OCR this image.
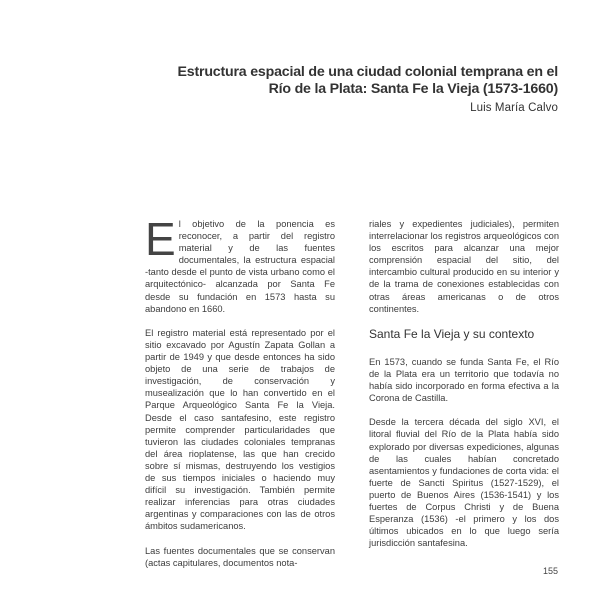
Estructura espacial de una ciudad colonial temprana en el
Río de la Plata: Santa Fe la Vieja (1573-1660)
Luis María Calvo

El objetivo de la ponencia es reconocer, a partir del registro material y de las fuentes documentales, la estructura espacial -tanto desde el punto de vista urbano como el arquitectónico- alcanzada por Santa Fe desde su fundación en 1573 hasta su abandono en 1660.

El registro material está representado por el sitio excavado por Agustín Zapata Gollan a partir de 1949 y que desde entonces ha sido objeto de una serie de trabajos de investigación, de conservación y musealización que lo han convertido en el Parque Arqueológico Santa Fe la Vieja. Desde el caso santafesino, este registro permite comprender particularidades que tuvieron las ciudades coloniales tempranas del área rioplatense, las que han crecido sobre sí mismas, destruyendo los vestigios de sus tiempos iniciales o haciendo muy difícil su investigación. También permite realizar inferencias para otras ciudades argentinas y comparaciones con las de otros ámbitos sudamericanos.

Las fuentes documentales que se conservan (actas capitulares, documentos nota-

riales y expedientes judiciales), permiten interrelacionar los registros arqueológicos con los escritos para alcanzar una mejor comprensión espacial del sitio, del intercambio cultural producido en su interior y de la trama de conexiones establecidas con otras áreas americanas o de otros continentes.

Santa Fe la Vieja y su contexto

En 1573, cuando se funda Santa Fe, el Río de la Plata era un territorio que todavía no había sido incorporado en forma efectiva a la Corona de Castilla.

Desde la tercera década del siglo XVI, el litoral fluvial del Río de la Plata había sido explorado por diversas expediciones, algunas de las cuales habían concretado asentamientos y fundaciones de corta vida: el fuerte de Sancti Spiritus (1527-1529), el puerto de Buenos Aires (1536-1541) y los fuertes de Corpus Christi y de Buena Esperanza (1536) -el primero y los dos últimos ubicados en lo que luego sería jurisdicción santafesina.

155
